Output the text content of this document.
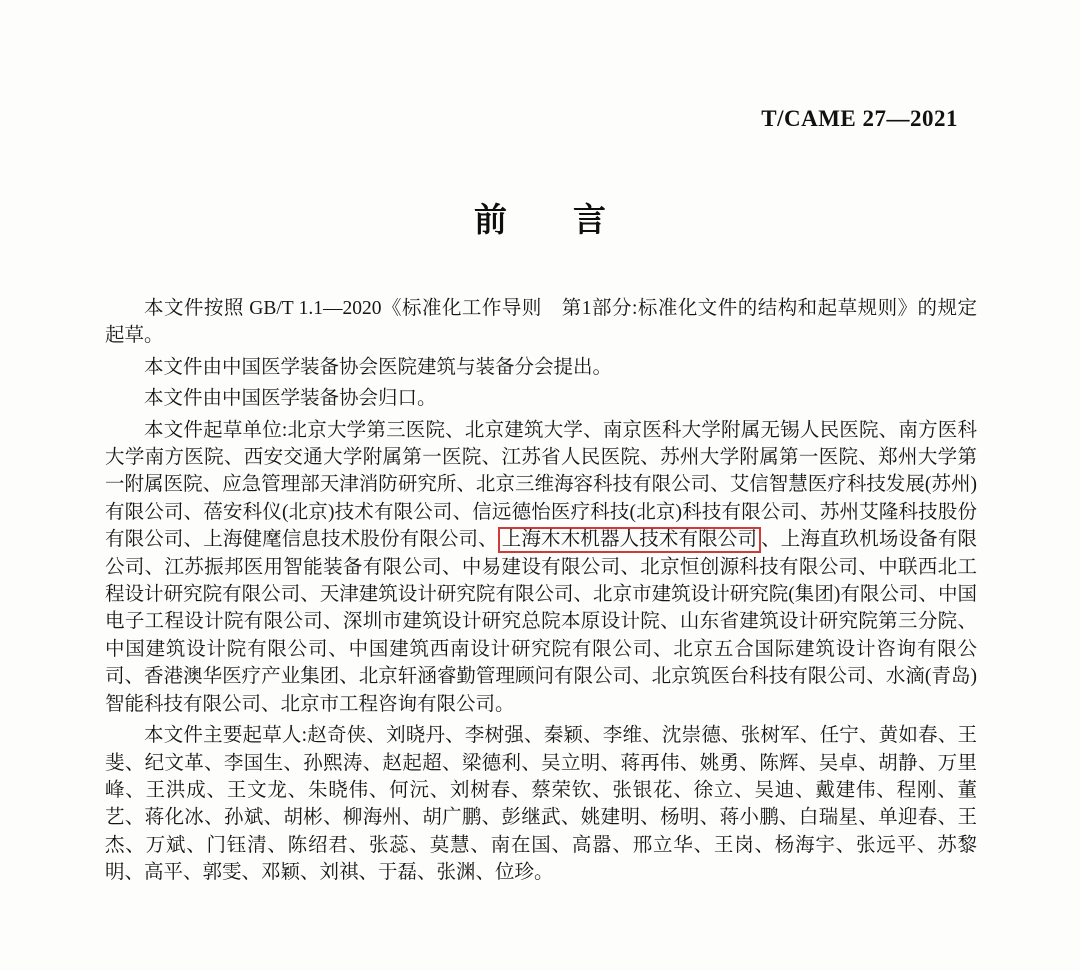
T/CAME 27—2021
前　　言

本文件按照 GB/T 1.1—2020《标准化工作导则　第1部分:标准化文件的结构和起草规则》的规定起草。

本文件由中国医学装备协会医院建筑与装备分会提出。

本文件由中国医学装备协会归口。

本文件起草单位:北京大学第三医院、北京建筑大学、南京医科大学附属无锡人民医院、南方医科大学南方医院、西安交通大学附属第一医院、江苏省人民医院、苏州大学附属第一医院、郑州大学第一附属医院、应急管理部天津消防研究所、北京三维海容科技有限公司、艾信智慧医疗科技发展(苏州)有限公司、蓓安科仪(北京)技术有限公司、信远德怡医疗科技(北京)科技有限公司、苏州艾隆科技股份有限公司、上海健麾信息技术股份有限公司、 上海木木机器人技术有限公司 、上海直玖机场设备有限公司、江苏振邦医用智能装备有限公司、中易建设有限公司、北京恒创源科技有限公司、中联西北工程设计研究院有限公司、天津建筑设计研究院有限公司、北京市建筑设计研究院(集团)有限公司、中国电子工程设计院有限公司、深圳市建筑设计研究总院本原设计院、山东省建筑设计研究院第三分院、中国建筑设计院有限公司、中国建筑西南设计研究院有限公司、北京五合国际建筑设计咨询有限公司、香港澳华医疗产业集团、北京轩涵睿勤管理顾问有限公司、北京筑医台科技有限公司、水滴(青岛)智能科技有限公司、北京市工程咨询有限公司。

本文件主要起草人:赵奇侠、刘晓丹、李树强、秦颖、李维、沈崇德、张树军、任宁、黄如春、王斐、纪文革、李国生、孙熙涛、赵起超、梁德利、吴立明、蒋再伟、姚勇、陈辉、吴卓、胡静、万里峰、王洪成、王文龙、朱晓伟、何沅、刘树春、蔡荣钦、张银花、徐立、吴迪、戴建伟、程刚、董艺、蒋化冰、孙斌、胡彬、柳海州、胡广鹏、彭继武、姚建明、杨明、蒋小鹏、白瑞星、单迎春、王杰、万斌、门钰清、陈绍君、张蕊、莫慧、南在国、高嚣、邢立华、王岗、杨海宇、张远平、苏黎明、高平、郭雯、邓颖、刘祺、于磊、张渊、位珍。
